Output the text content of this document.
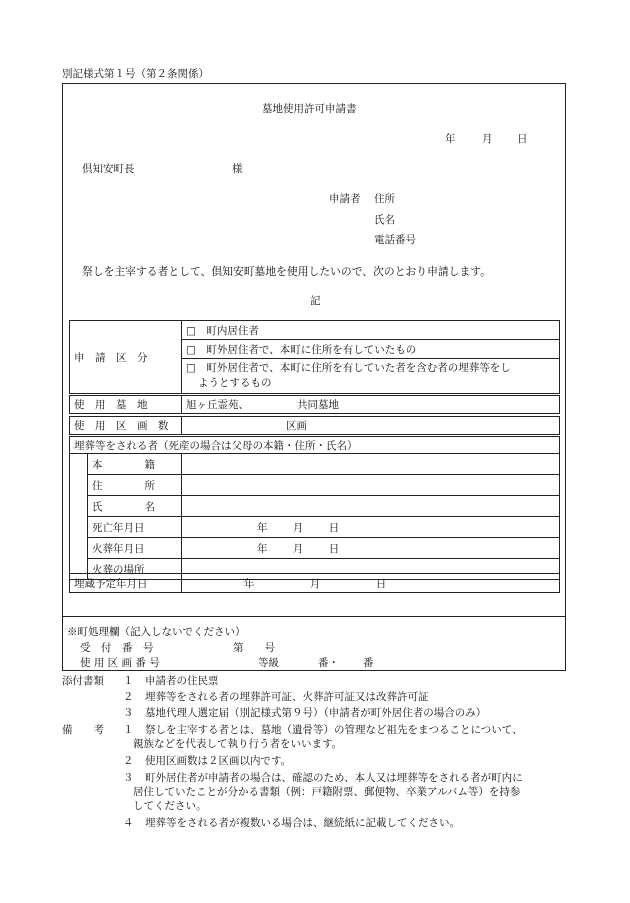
別記様式第１号（第２条関係）
墓地使用許可申請書
年	月 日
倶知安町長	様
申請者 住所
氏名
電話番号
祭しを主宰する者として、倶知安町墓地を使用したいので、次のとおり申請します。
記
申　請　区　分	□　町内居住者
□　町外居住者で、本町に住所を有していたもの

□　町外居住者で、本町に住所を有していた者を含む者の埋葬等をし
ようとするもの
使　用　墓　地	旭ヶ丘霊苑、	共同墓地
使　用　区　画　数	区画
埋葬等をされる者（死産の場合は父母の本籍・住所・氏名）		
	本　　　　籍	
	住　　　　所	
	氏　　　　名	
	死亡年月日	年 月 日
	火葬年月日	年 月 日
	火葬の場所	
埋蔵予定年月日	年	月	日
※町処理欄（記入しないでください）
受　付　番　号	第　　号
使 用 区 画 番 号	等級	番・ 番
添付書類 １ 申請者の住民票
２ 埋葬等をされる者の埋葬許可証、火葬許可証又は改葬許可証
３ 墓地代理人選定届（別記様式第９号）（申請者が町外居住者の場合のみ）
備　　考 １ 祭しを主宰する者とは、墓地（遺骨等）の管理など祖先をまつることについて、
親族などを代表して執り行う者をいいます。
２ 使用区画数は２区画以内です。
３ 町外居住者が申請者の場合は、確認のため、本人又は埋葬等をされる者が町内に
居住していたことが分かる書類（例：戸籍附票、郵便物、卒業アルバム等）を持参
してください。
４ 埋葬等をされる者が複数いる場合は、継続紙に記載してください。
